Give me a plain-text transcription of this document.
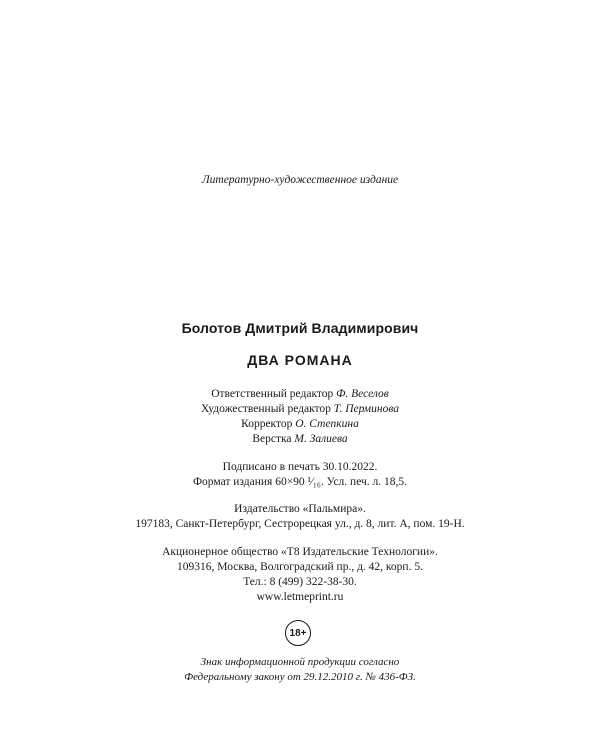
Литературно-художественное издание
Болотов Дмитрий Владимирович
ДВА РОМАНА
Ответственный редактор Ф. Веселов
Художественный редактор Т. Перминова
Корректор О. Степкина
Верстка М. Залиева
Подписано в печать 30.10.2022.
Формат издания 60×90 ¹⁄₁₆. Усл. печ. л. 18,5.
Издательство «Пальмира».
197183, Санкт-Петербург, Сестрорецкая ул., д. 8, лит. А, пом. 19-Н.
Акционерное общество «Т8 Издательские Технологии».
109316, Москва, Волгоградский пр., д. 42, корп. 5.
Тел.: 8 (499) 322-38-30.
www.letmeprint.ru
18+
Знак информационной продукции согласно
Федеральному закону от 29.12.2010 г. № 436-ФЗ.
